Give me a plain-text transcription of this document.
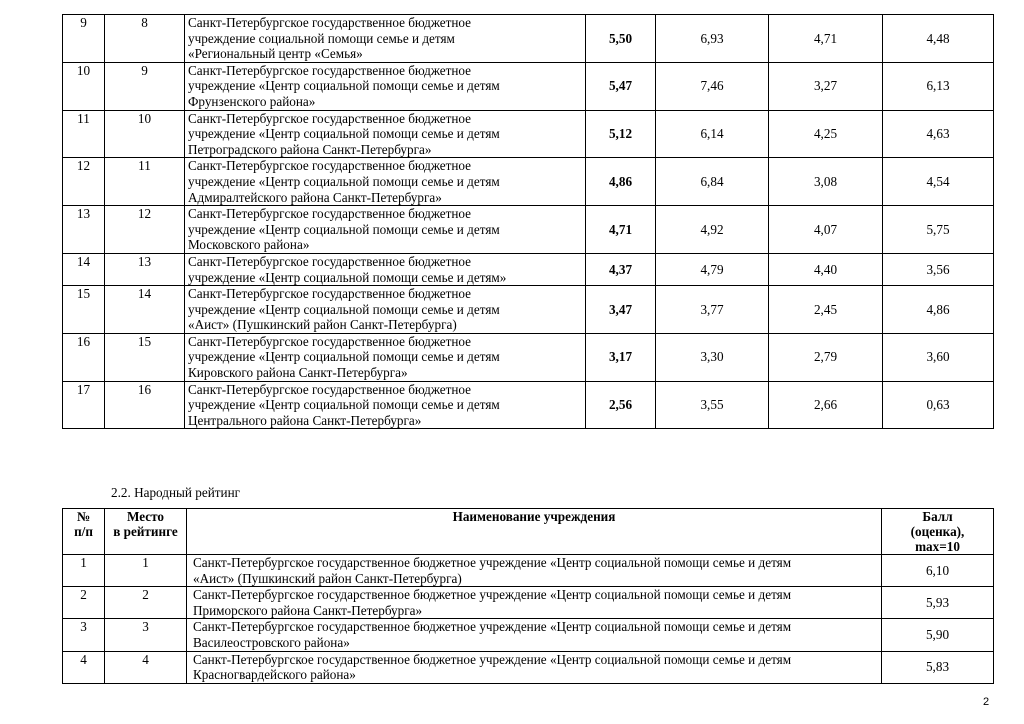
9	8	Санкт-Петербургское государственное бюджетное
учреждение социальной помощи семье и детям
«Региональный центр «Семья»	5,50	6,93	4,71	4,48
10	9	Санкт-Петербургское государственное бюджетное
учреждение «Центр социальной помощи семье и детям
Фрунзенского района»	5,47	7,46	3,27	6,13
11	10	Санкт-Петербургское государственное бюджетное
учреждение «Центр социальной помощи семье и детям
Петроградского района Санкт-Петербурга»	5,12	6,14	4,25	4,63
12	11	Санкт-Петербургское государственное бюджетное
учреждение «Центр социальной помощи семье и детям
Адмиралтейского района Санкт-Петербурга»	4,86	6,84	3,08	4,54
13	12	Санкт-Петербургское государственное бюджетное
учреждение «Центр социальной помощи семье и детям
Московского района»	4,71	4,92	4,07	5,75
14	13	Санкт-Петербургское государственное бюджетное
учреждение «Центр социальной помощи семье и детям»	4,37	4,79	4,40	3,56
15	14	Санкт-Петербургское государственное бюджетное
учреждение «Центр социальной помощи семье и детям
«Аист» (Пушкинский район Санкт-Петербурга)	3,47	3,77	2,45	4,86
16	15	Санкт-Петербургское государственное бюджетное
учреждение «Центр социальной помощи семье и детям
Кировского района Санкт-Петербурга»	3,17	3,30	2,79	3,60
17	16	Санкт-Петербургское государственное бюджетное
учреждение «Центр социальной помощи семье и детям
Центрального района Санкт-Петербурга»	2,56	3,55	2,66	0,63
2.2. Народный рейтинг
№
п/п	Место
в рейтинге	Наименование учреждения	Балл
(оценка),
max=10
1	1	Санкт-Петербургское государственное бюджетное учреждение «Центр социальной помощи семье и детям
«Аист» (Пушкинский район Санкт-Петербурга)	6,10
2	2	Санкт-Петербургское государственное бюджетное учреждение «Центр социальной помощи семье и детям
Приморского района Санкт-Петербурга»	5,93
3	3	Санкт-Петербургское государственное бюджетное учреждение «Центр социальной помощи семье и детям
Василеостровского района»	5,90
4	4	Санкт-Петербургское государственное бюджетное учреждение «Центр социальной помощи семье и детям
Красногвардейского района»	5,83
2
